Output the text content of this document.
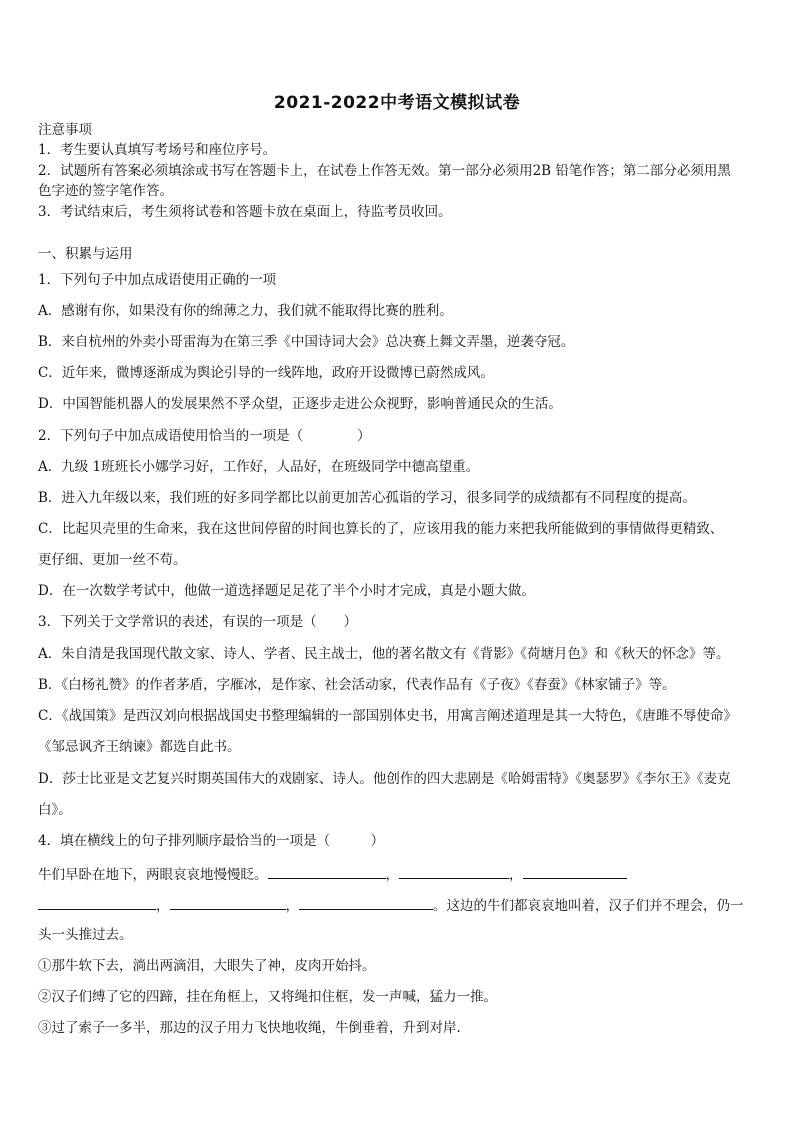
2021-2022中考语文模拟试卷
注意事项
1．考生要认真填写考场号和座位序号。
2．试题所有答案必须填涂或书写在答题卡上，在试卷上作答无效。第一部分必须用2B 铅笔作答；第二部分必须用黑
色字迹的签字笔作答。
3．考试结束后，考生须将试卷和答题卡放在桌面上，待监考员收回。
一、积累与运用
1．下列句子中加点成语使用正确的一项
A．感谢有你，如果没有你的绵薄之力，我们就不能取得比赛的胜利。
B．来自杭州的外卖小哥雷海为在第三季《中国诗词大会》总决赛上舞文弄墨，逆袭夺冠。
C．近年来，微博逐渐成为舆论引导的一线阵地，政府开设微博已蔚然成风。
D．中国智能机器人的发展果然不孚众望，正逐步走进公众视野，影响普通民众的生活。
2．下列句子中加点成语使用恰当的一项是（　　　　）
A．九级 1班班长小娜学习好，工作好，人品好，在班级同学中德高望重。
B．进入九年级以来，我们班的好多同学都比以前更加苦心孤诣的学习，很多同学的成绩都有不同程度的提高。
C．比起贝壳里的生命来，我在这世间停留的时间也算长的了，应该用我的能力来把我所能做到的事情做得更精致、
更仔细、更加一丝不苟。
D．在一次数学考试中，他做一道选择题足足花了半个小时才完成，真是小题大做。
3．下列关于文学常识的表述，有误的一项是（　　）
A．朱自清是我国现代散文家、诗人、学者、民主战士，他的著名散文有《背影》《荷塘月色》和《秋天的怀念》等。
B．《白杨礼赞》的作者茅盾，字雁冰，是作家、社会活动家，代表作品有《子夜》《春蚕》《林家铺子》等。
C．《战国策》是西汉刘向根据战国史书整理编辑的一部国别体史书，用寓言阐述道理是其一大特色，《唐雎不辱使命》
《邹忌讽齐王纳谏》都选自此书。
D．莎士比亚是文艺复兴时期英国伟大的戏剧家、诗人。他创作的四大悲剧是《哈姆雷特》《奥瑟罗》《李尔王》《麦克
白》。
4．填在横线上的句子排列顺序最恰当的一项是（　　　）
牛们早卧在地下，两眼哀哀地慢慢眨。	，	，
，	，	。这边的牛们都哀哀地叫着，汉子们并不理会，仍一
头一头推过去。
①那牛软下去，淌出两滴泪，大眼失了神，皮肉开始抖。
②汉子们缚了它的四蹄，挂在角框上，又将绳扣住框，发一声喊，猛力一推。
③过了索子一多半，那边的汉子用力飞快地收绳，牛倒垂着，升到对岸.
